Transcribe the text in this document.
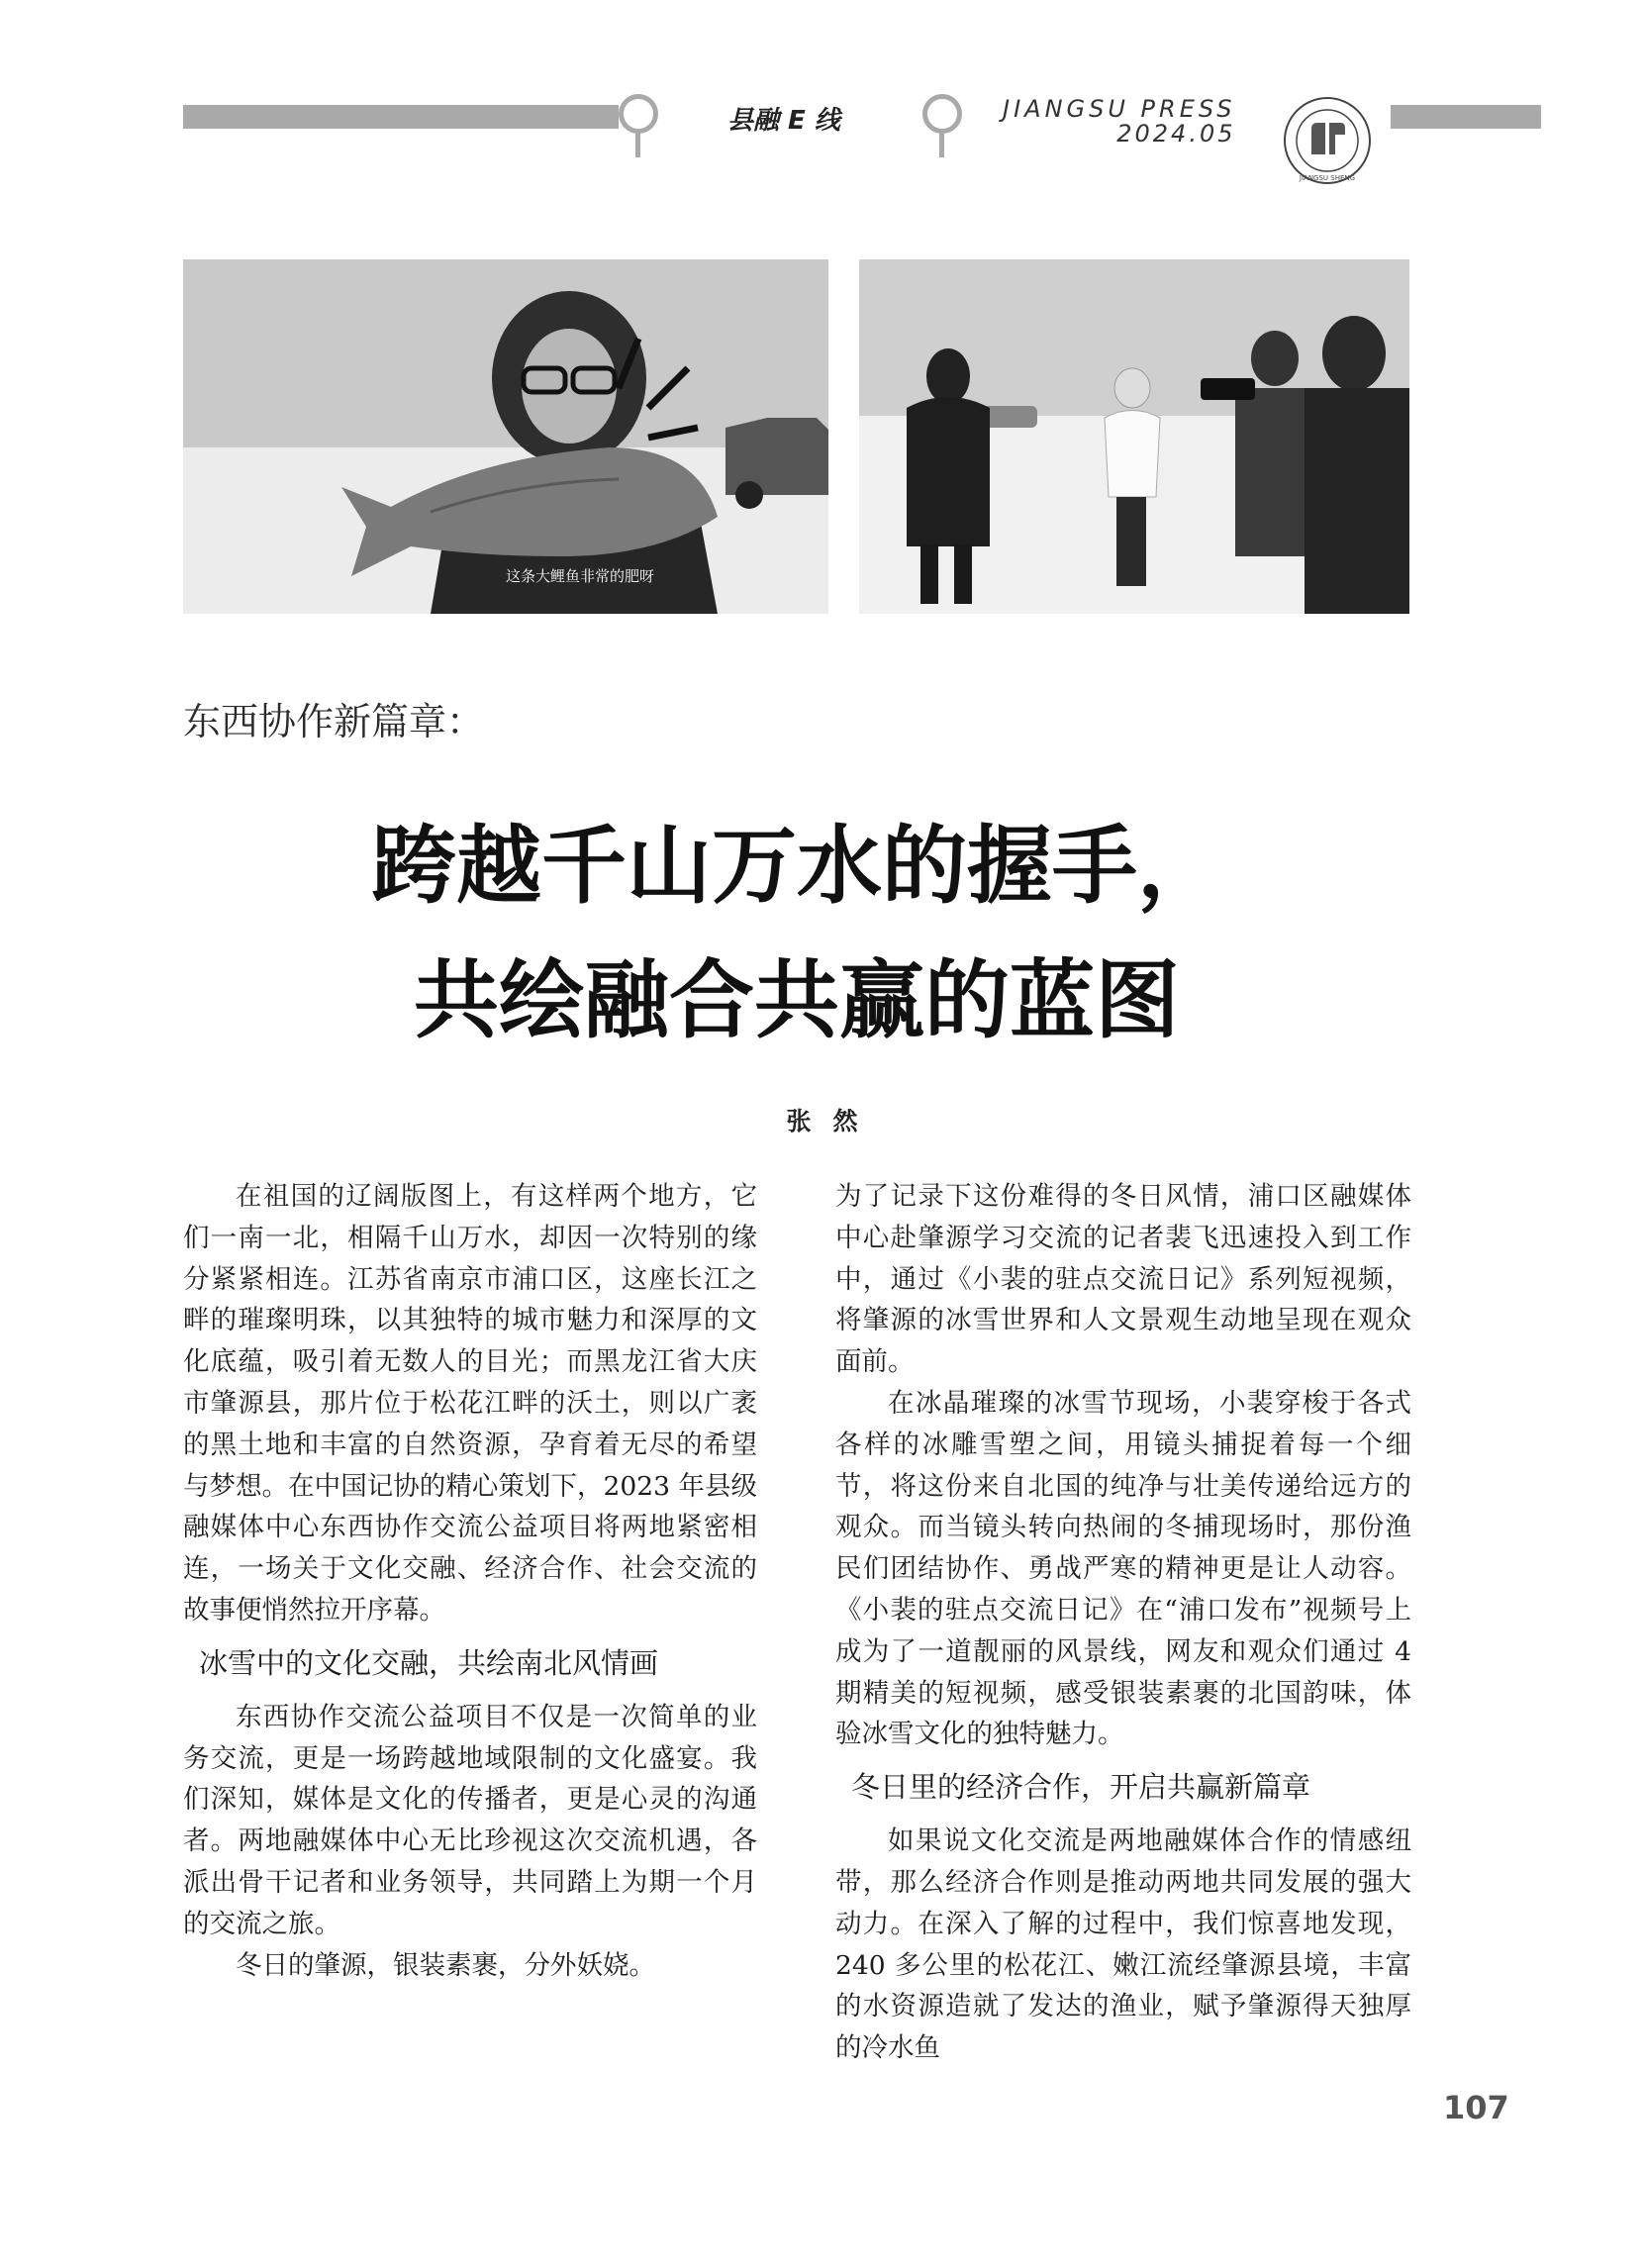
县融 E 线	JIANGSU PRESS
2024.05
JIANGSU SHENG
这条大鲤鱼非常的肥呀
东西协作新篇章：
跨越千山万水的握手，
共绘融合共赢的蓝图
张然

在祖国的辽阔版图上，有这样两个地方，它们一南一北，相隔千山万水，却因一次特别的缘分紧紧相连。江苏省南京市浦口区，这座长江之畔的璀璨明珠，以其独特的城市魅力和深厚的文化底蕴，吸引着无数人的目光；而黑龙江省大庆市肇源县，那片位于松花江畔的沃土，则以广袤的黑土地和丰富的自然资源，孕育着无尽的希望与梦想。在中国记协的精心策划下，2023 年县级融媒体中心东西协作交流公益项目将两地紧密相连，一场关于文化交融、经济合作、社会交流的故事便悄然拉开序幕。

冰雪中的文化交融，共绘南北风情画

东西协作交流公益项目不仅是一次简单的业务交流，更是一场跨越地域限制的文化盛宴。我们深知，媒体是文化的传播者，更是心灵的沟通者。两地融媒体中心无比珍视这次交流机遇，各派出骨干记者和业务领导，共同踏上为期一个月的交流之旅。

冬日的肇源，银装素裹，分外妖娆。

为了记录下这份难得的冬日风情，浦口区融媒体中心赴肇源学习交流的记者裴飞迅速投入到工作中，通过《小裴的驻点交流日记》系列短视频，将肇源的冰雪世界和人文景观生动地呈现在观众面前。

在冰晶璀璨的冰雪节现场，小裴穿梭于各式各样的冰雕雪塑之间，用镜头捕捉着每一个细节，将这份来自北国的纯净与壮美传递给远方的观众。而当镜头转向热闹的冬捕现场时，那份渔民们团结协作、勇战严寒的精神更是让人动容。《小裴的驻点交流日记》在“浦口发布”视频号上成为了一道靓丽的风景线，网友和观众们通过 4 期精美的短视频，感受银装素裹的北国韵味，体验冰雪文化的独特魅力。

冬日里的经济合作，开启共赢新篇章

如果说文化交流是两地融媒体合作的情感纽带，那么经济合作则是推动两地共同发展的强大动力。在深入了解的过程中，我们惊喜地发现，240 多公里的松花江、嫩江流经肇源县境，丰富的水资源造就了发达的渔业，赋予肇源得天独厚的冷水鱼

107
